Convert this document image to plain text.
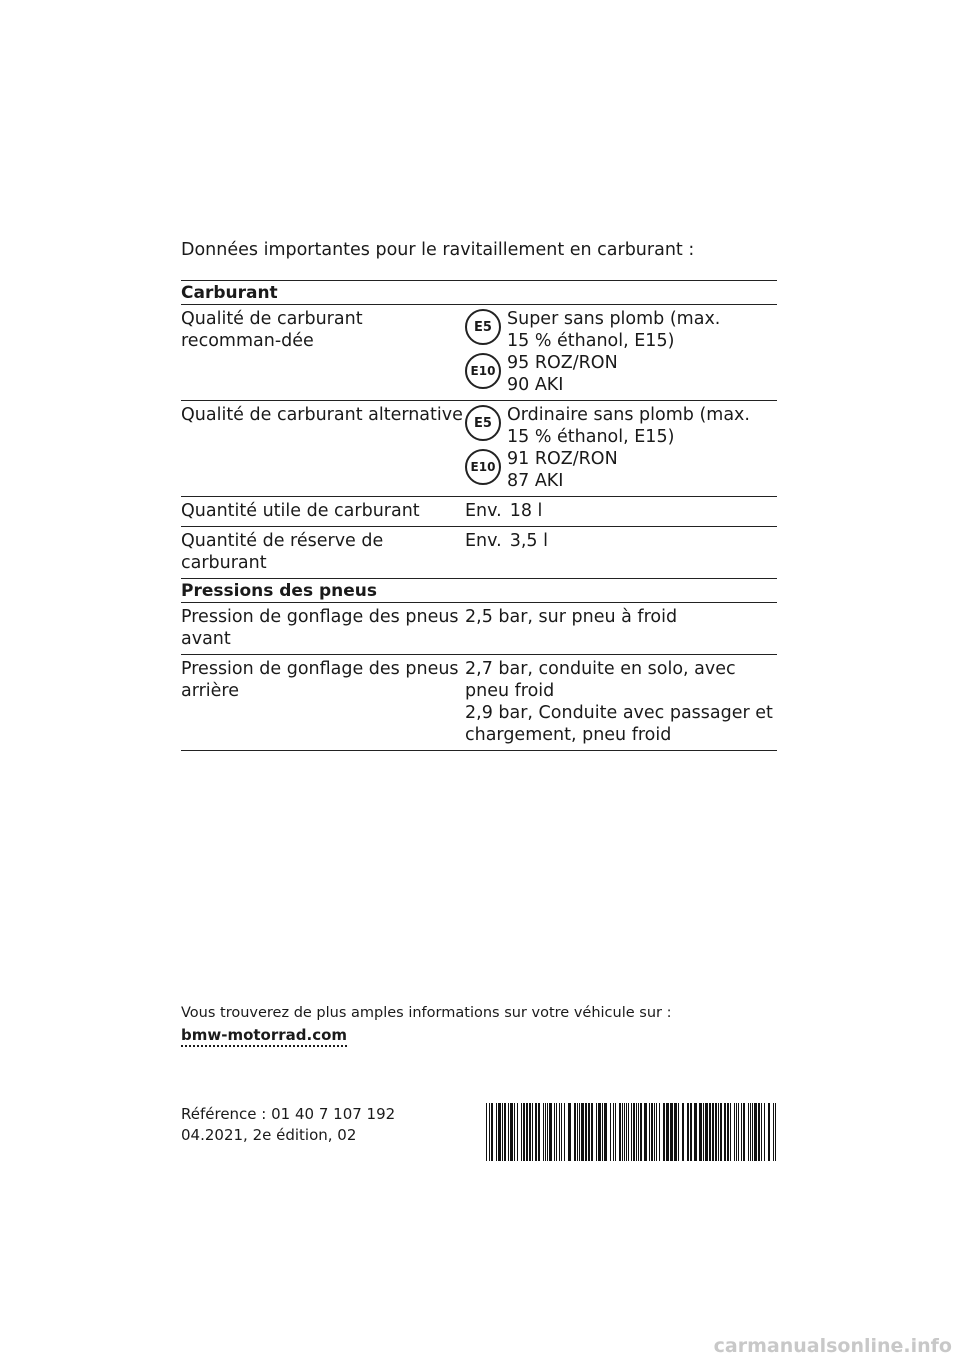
Données importantes pour le ravitaillement en carburant :
Carburant
Qualité de carburant recomman-dée
E5
E10
Super sans plomb (max.
15 % éthanol, E15)
95 ROZ/RON
90 AKI
Qualité de carburant alternative E5
E10
Ordinaire sans plomb (max.
15 % éthanol, E15)
91 ROZ/RON
87 AKI
Quantité utile de carburant	Env. 18 l
Quantité de réserve de carburant
Env. 3,5 l
Pressions des pneus
Pression de gonflage des pneus avant
2,5 bar, sur pneu à froid
Pression de gonflage des pneus arrière
2,7 bar, conduite en solo, avec pneu froid
2,9 bar, Conduite avec passager et chargement, pneu froid
Vous trouverez de plus amples informations sur votre véhicule sur :
bmw-motorrad.com
Référence : 01 40 7 107 192
04.2021, 2e édition, 02
carmanualsonline.info
